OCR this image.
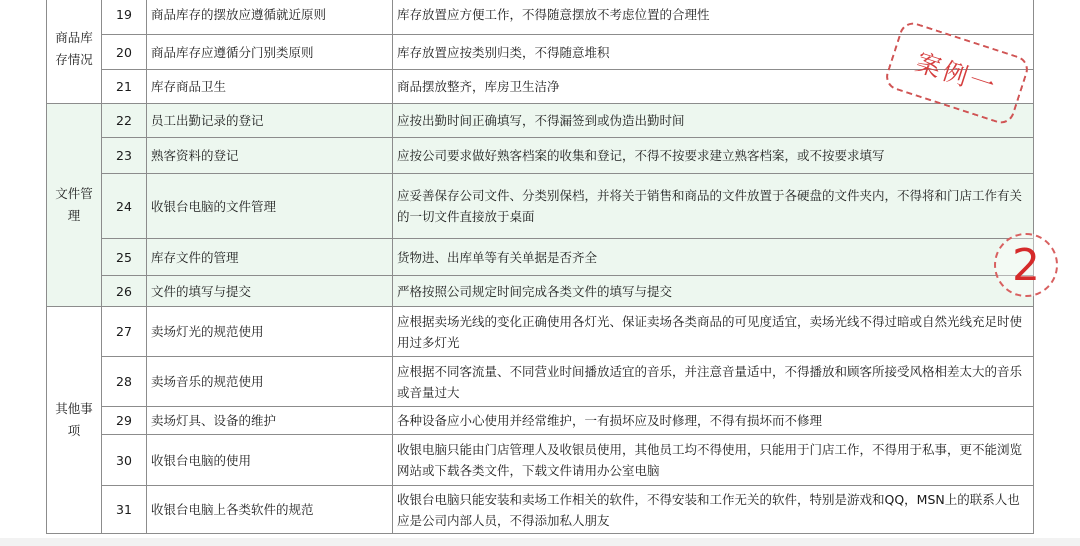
商品库存情况	19	商品库存的摆放应遵循就近原则	库存放置应方便工作，不得随意摆放不考虑位置的合理性
	20	商品库存应遵循分门别类原则	库存放置应按类别归类，不得随意堆积
	21	库存商品卫生	商品摆放整齐，库房卫生洁净
文件管理	22	员工出勤记录的登记	应按出勤时间正确填写，不得漏签到或伪造出勤时间
	23	熟客资料的登记	应按公司要求做好熟客档案的收集和登记，不得不按要求建立熟客档案，或不按要求填写
	24	收银台电脑的文件管理	应妥善保存公司文件、分类别保档，并将关于销售和商品的文件放置于各硬盘的文件夹内，不得将和门店工作有关的一切文件直接放于桌面
	25	库存文件的管理	货物进、出库单等有关单据是否齐全
	26	文件的填写与提交	严格按照公司规定时间完成各类文件的填写与提交
其他事项	27	卖场灯光的规范使用	应根据卖场光线的变化正确使用各灯光、保证卖场各类商品的可见度适宜，卖场光线不得过暗或自然光线充足时使用过多灯光
	28	卖场音乐的规范使用	应根据不同客流量、不同营业时间播放适宜的音乐，并注意音量适中，不得播放和顾客所接受风格相差太大的音乐或音量过大
	29	卖场灯具、设备的维护	各种设备应小心使用并经常维护，一有损坏应及时修理，不得有损坏而不修理
	30	收银台电脑的使用	收银电脑只能由门店管理人及收银员使用，其他员工均不得使用，只能用于门店工作，不得用于私事，更不能浏览网站或下载各类文件，下载文件请用办公室电脑
	31	收银台电脑上各类软件的规范	收银台电脑只能安装和卖场工作相关的软件，不得安装和工作无关的软件，特别是游戏和QQ，MSN上的联系人也应是公司内部人员，不得添加私人朋友
案例一
2
